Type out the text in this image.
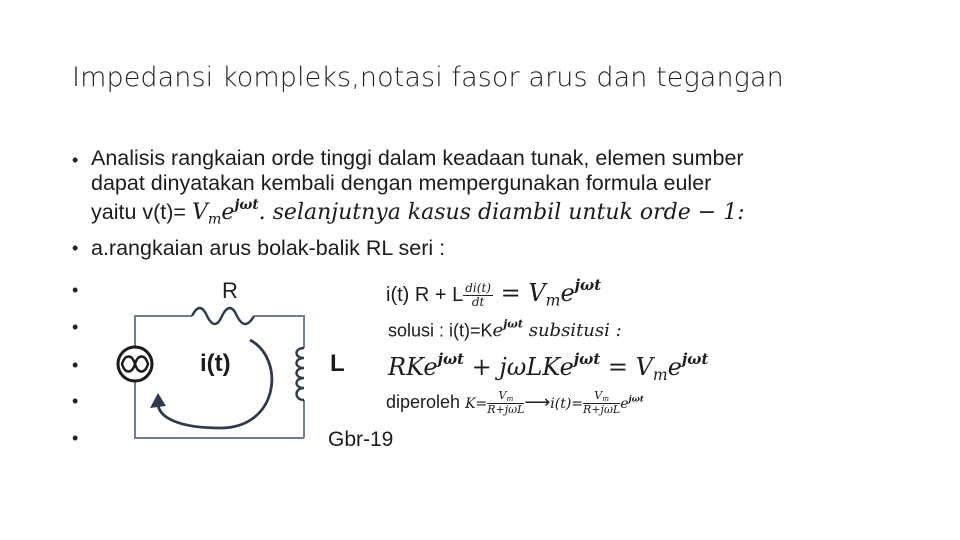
Impedansi kompleks,notasi fasor arus dan tegangan
•
•
•
•
•
•
•
Analisis rangkaian orde tinggi dalam keadaan tunak, elemen sumber
dapat dinyatakan kembali dengan mempergunakan formula euler
yaitu $v(t)= V_me^{j\omega t}$. selanjutnya kasus diambil untuk orde − 1:
a.rangkaian arus bolak-balik RL seri :
R
i(t)	L
Gbr-19
i(t) R + L $\frac{di(t)}{dt} = V_me^{j\omega t}$
solusi : $i(t)=Ke^{j\omega t}$ subsitusi :
$RKe^{j\omega t} + j\omega LKe^{j\omega t} = V_me^{j\omega t}$
diperoleh $K= \frac{V_m}{\text{R+jωL}}$ ⟶i(t)= $\frac{V_m}{\text{R+jωL}} e^{j\omega t}$
